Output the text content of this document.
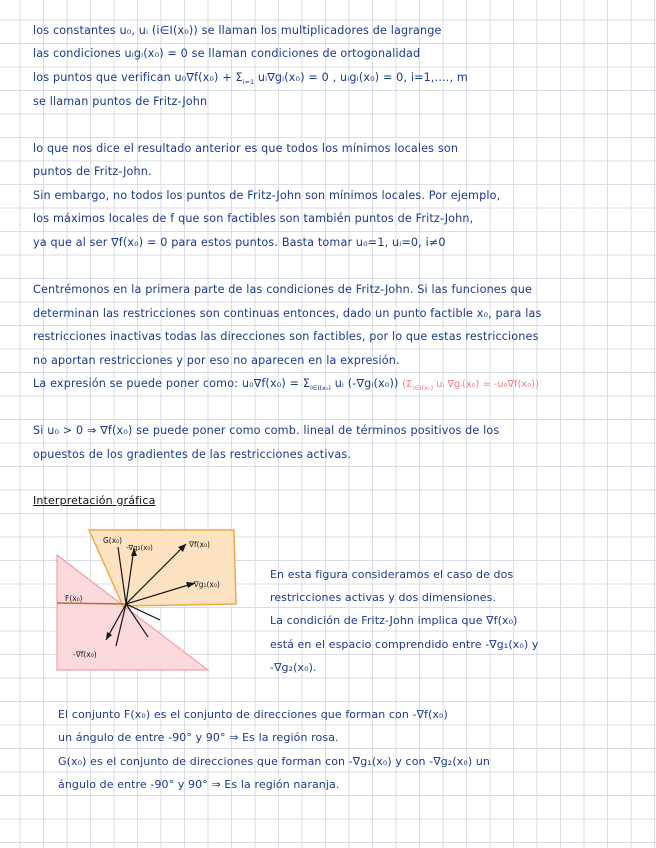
los constantes u₀, uᵢ (i∈I(x₀)) se llaman los multiplicadores de lagrange
las condiciones uᵢgᵢ(x₀) = 0 se llaman condiciones de ortogonalidad
los puntos que verifican $u_0\nabla f(x_0) + \Sigma_{i=1}$ uᵢ∇gᵢ(x₀) = 0 , uᵢgᵢ(x₀) = 0, i=1,...., m
se llaman puntos de Fritz-John
lo que nos dice el resultado anterior es que todos los mínimos locales son
puntos de Fritz-John.
Sin embargo, no todos los puntos de Fritz-John son mínimos locales. Por ejemplo,
los máximos locales de f que son factibles son también puntos de Fritz-John,
ya que al ser ∇f(x₀) = 0 para estos puntos. Basta tomar u₀=1, uᵢ=0, i≠0
Centrémonos en la primera parte de las condiciones de Fritz-John. Si las funciones que
determinan las restricciones son continuas entonces, dado un punto factible x₀, para las
restricciones inactivas todas las direcciones son factibles, por lo que estas restricciones
no aportan restricciones y por eso no aparecen en la expresión.
La expresión se puede poner como: $u_0\nabla f(x_0) = \Sigma_{i\in I(x_0)}$ uᵢ (-∇gᵢ(x₀)) ($\Sigma_{i\in I(x_0)}$ uᵢ ∇gᵢ(x₀) = -u₀∇f(x₀))
Si u₀ > 0 ⇒ ∇f(x₀) se puede poner como comb. lineal de términos positivos de los
opuestos de los gradientes de las restricciones activas.
Interpretación gráfica
G(x₀)
-∇g₂(x₀)	∇f(x₀)
-∇g₁(x₀)
F(x₀)
-∇f(x₀)
En esta figura consideramos el caso de dos
restricciones activas y dos dimensiones.
La condición de Fritz-John implica que ∇f(x₀)
está en el espacio comprendido entre -∇g₁(x₀) y
-∇g₂(x₀).
El conjunto F(x₀) es el conjunto de direcciones que forman con -∇f(x₀)
un ángulo de entre -90° y 90° ⇒ Es la región rosa.
G(x₀) es el conjunto de direcciones que forman con -∇g₁(x₀) y con -∇g₂(x₀) un
ángulo de entre -90° y 90° ⇒ Es la región naranja.
